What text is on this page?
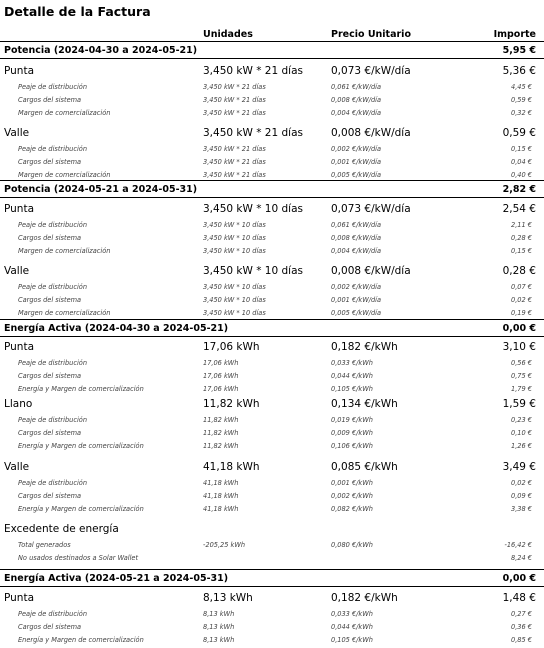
Detalle de la Factura
Unidades	Precio Unitario	Importe
Potencia (2024-04-30 a 2024-05-21)	5,95 €
Punta	3,450 kW * 21 días	0,073 €/kW/día	5,36 €
Peaje de distribución	3,450 kW * 21 días	0,061 €/kW/día	4,45 €
Cargos del sistema	3,450 kW * 21 días	0,008 €/kW/día	0,59 €
Margen de comercialización	3,450 kW * 21 días	0,004 €/kW/día	0,32 €
Valle	3,450 kW * 21 días	0,008 €/kW/día	0,59 €
Peaje de distribución	3,450 kW * 21 días	0,002 €/kW/día	0,15 €
Cargos del sistema	3,450 kW * 21 días	0,001 €/kW/día	0,04 €
Margen de comercialización	3,450 kW * 21 días	0,005 €/kW/día	0,40 €
Potencia (2024-05-21 a 2024-05-31)	2,82 €
Punta	3,450 kW * 10 días	0,073 €/kW/día	2,54 €
Peaje de distribución	3,450 kW * 10 días	0,061 €/kW/día	2,11 €
Cargos del sistema	3,450 kW * 10 días	0,008 €/kW/día	0,28 €
Margen de comercialización	3,450 kW * 10 días	0,004 €/kW/día	0,15 €
Valle	3,450 kW * 10 días	0,008 €/kW/día	0,28 €
Peaje de distribución	3,450 kW * 10 días	0,002 €/kW/día	0,07 €
Cargos del sistema	3,450 kW * 10 días	0,001 €/kW/día	0,02 €
Margen de comercialización	3,450 kW * 10 días	0,005 €/kW/día	0,19 €
Energía Activa (2024-04-30 a 2024-05-21)	0,00 €
Punta	17,06 kWh	0,182 €/kWh	3,10 €
Peaje de distribución	17,06 kWh	0,033 €/kWh	0,56 €
Cargos del sistema	17,06 kWh	0,044 €/kWh	0,75 €
Energía y Margen de comercialización	17,06 kWh	0,105 €/kWh	1,79 €
Llano	11,82 kWh	0,134 €/kWh	1,59 €
Peaje de distribución	11,82 kWh	0,019 €/kWh	0,23 €
Cargos del sistema	11,82 kWh	0,009 €/kWh	0,10 €
Energía y Margen de comercialización	11,82 kWh	0,106 €/kWh	1,26 €
Valle	41,18 kWh	0,085 €/kWh	3,49 €
Peaje de distribución	41,18 kWh	0,001 €/kWh	0,02 €
Cargos del sistema	41,18 kWh	0,002 €/kWh	0,09 €
Energía y Margen de comercialización	41,18 kWh	0,082 €/kWh	3,38 €
Excedente de energía
Total generados	-205,25 kWh	0,080 €/kWh	-16,42 €
No usados destinados a Solar Wallet	8,24 €
Energía Activa (2024-05-21 a 2024-05-31)	0,00 €
Punta	8,13 kWh	0,182 €/kWh	1,48 €
Peaje de distribución	8,13 kWh	0,033 €/kWh	0,27 €
Cargos del sistema	8,13 kWh	0,044 €/kWh	0,36 €
Energía y Margen de comercialización	8,13 kWh	0,105 €/kWh	0,85 €
